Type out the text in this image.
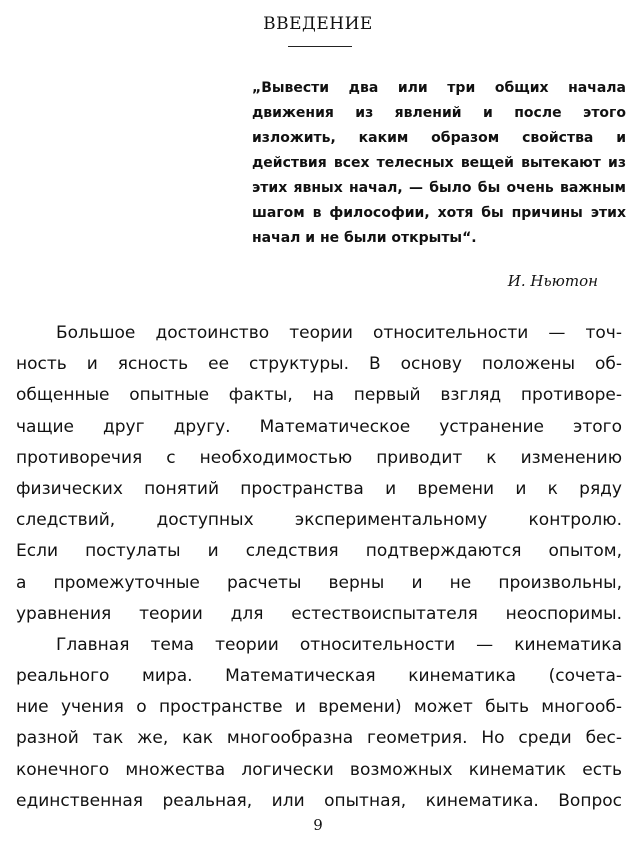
ВВЕДЕНИЕ
„Вывести два или три общих начала движения из явлений и после этого изложить, каким образом свойства и действия всех телесных вещей вытекают из этих явных начал, — было бы очень важным шагом в философии, хотя бы причины этих начал и не были открыты“.
И. Ньютон
Большое достоинство теории относительности — точ-
ность и ясность ее структуры. В основу положены об-
общенные опытные факты, на первый взгляд противоре-
чащие друг другу. Математическое устранение этого
противоречия с необходимостью приводит к изменению
физических понятий пространства и времени и к ряду
следствий, доступных экспериментальному контролю.
Если постулаты и следствия подтверждаются опытом,
а промежуточные расчеты верны и не произвольны,
уравнения теории для естествоиспытателя неоспоримы.
Главная тема теории относительности — кинематика
реального мира. Математическая кинематика (сочета-
ние учения о пространстве и времени) может быть многооб-
разной так же, как многообразна геометрия. Но среди бес-
конечного множества логически возможных кинематик есть
единственная реальная, или опытная, кинематика. Вопрос
9
